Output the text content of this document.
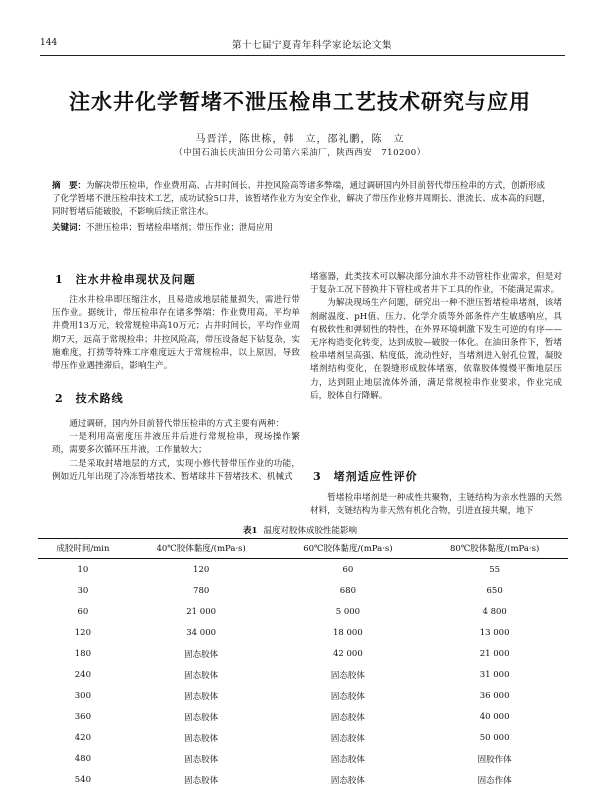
144	第十七届宁夏青年科学家论坛论文集
注水井化学暂堵不泄压检串工艺技术研究与应用
马晋洋，陈世栋，韩　立，邵礼鹏，陈　立
（中国石油长庆油田分公司第六采油厂，陕西西安　710200）
摘　要：为解决带压检串，作业费用高、占井时间长、井控风险高等诸多弊端，通过调研国内外目前替代带压检串的方式，创新形成了化学暂堵不泄压检串技术工艺，成功试验5口井，该暂堵作业方为安全作业，解决了带压作业修井周期长、泄流长、成本高的问题，同时暂堵后能破胶，不影响后续正常注水。
关键词：不泄压检串；暂堵检串堵剂；带压作业；泄局应用
1　注水井检串现状及问题

注水井检串即压缩注水，且易造成地层能量损失，需进行带压作业。据统计，带压检串存在诸多弊端：作业费用高，平均单井费用13万元，较常规检串高10万元；占井时间长，平均作业周期7天，远高于常规检串；井控风险高，带压设备起下钻复杂，实施难度，打捞等特殊工序难度远大于常规检串，以上原因，导致带压作业遇挫滞后，影响生产。

2　技术路线

通过调研，国内外目前替代带压检串的方式主要有两种：

一是利用高密度压井液压井后进行常规检串，现场操作繁琐，需要多次循环压井液，工作量较大；

二是采取封堵地层的方式，实现小修代替带压作业的功能，例如近几年出现了冷冻暂堵技术、暂堵球井下替堵技术、机械式

堵塞器，此类技术可以解决部分油水井不动管柱作业需求，但是对于复杂工况下替换井下管柱或者井下工具的作业，不能满足需求。

为解决现场生产问题，研究出一种不泄压暂堵检串堵剂，该堵剂耐温度、pH值、压力、化学介质等外部条件产生敏感响应，具有极软性和弹韧性的特性，在外界环境刺激下发生可逆的有序——无序构造变化转变，达到成胶—破胶一体化。在油田条件下，暂堵检串堵剂呈高强、粘度低，流动性好，当堵剂进入射孔位置，凝胶堵剂结构变化，在裂缝形成胶体堵塞，依靠胶体慢慢平衡地层压力，达到阻止地层流体外涌，满足常规检串作业要求，作业完成后，胶体自行降解。

3　堵剂适应性评价

暂堵检串堵剂是一种成性共聚物，主链结构为亲水性器的天然材料，支链结构为非天然有机化合物，引进直接共聚，地下

表1 温度对胶体成胶性能影响
成胶时间/min	40℃胶体黏度/(mPa·s)	60℃胶体黏度/(mPa·s)	80℃胶体黏度/(mPa·s)
10	120	60	55
30	780	680	650
60	21 000	5 000	4 800
120	34 000	18 000	13 000
180	固态胶体	42 000	21 000
240	固态胶体	固态胶体	31 000
300	固态胶体	固态胶体	36 000
360	固态胶体	固态胶体	40 000
420	固态胶体	固态胶体	50 000
480	固态胶体	固态胶体	固胶作体
540	固态胶体	固态胶体	固态作体
